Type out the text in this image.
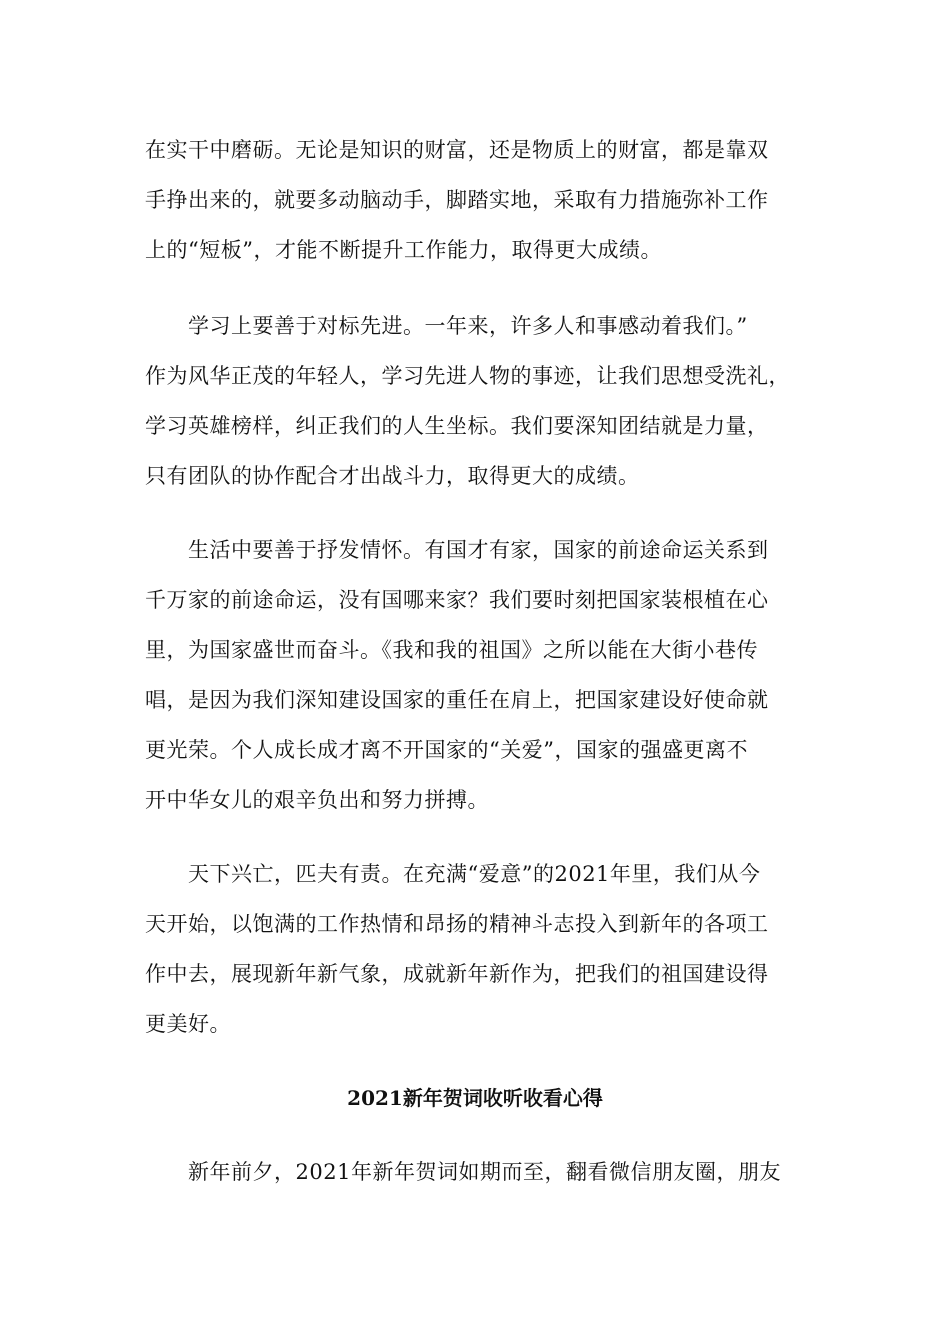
在实干中磨砺。无论是知识的财富，还是物质上的财富，都是靠双
手挣出来的，就要多动脑动手，脚踏实地，采取有力措施弥补工作
上的“短板”，才能不断提升工作能力，取得更大成绩。
　　学习上要善于对标先进。一年来，许多人和事感动着我们。”
作为风华正茂的年轻人，学习先进人物的事迹，让我们思想受洗礼，
学习英雄榜样，纠正我们的人生坐标。我们要深知团结就是力量，
只有团队的协作配合才出战斗力，取得更大的成绩。
　　生活中要善于抒发情怀。有国才有家，国家的前途命运关系到
千万家的前途命运，没有国哪来家？我们要时刻把国家装根植在心
里，为国家盛世而奋斗。《我和我的祖国》之所以能在大街小巷传
唱，是因为我们深知建设国家的重任在肩上，把国家建设好使命就
更光荣。个人成长成才离不开国家的“关爱”，国家的强盛更离不
开中华女儿的艰辛负出和努力拼搏。
　　天下兴亡，匹夫有责。在充满“爱意”的2021年里，我们从今
天开始，以饱满的工作热情和昂扬的精神斗志投入到新年的各项工
作中去，展现新年新气象，成就新年新作为，把我们的祖国建设得
更美好。
2021新年贺词收听收看心得
　　新年前夕，2021年新年贺词如期而至，翻看微信朋友圈，朋友
